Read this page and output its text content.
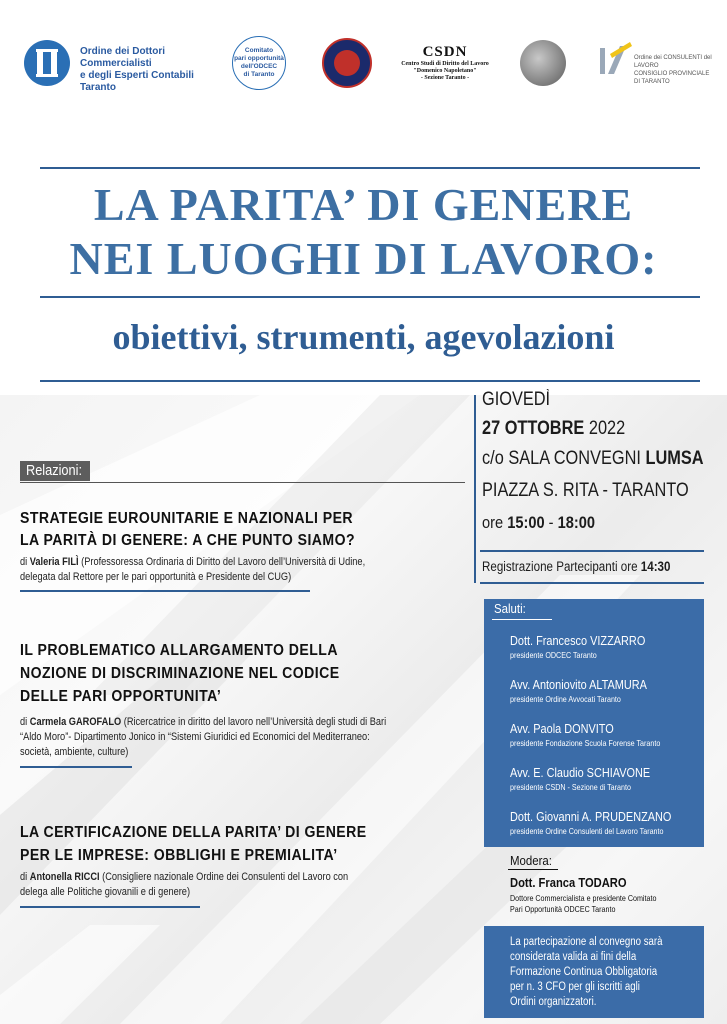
Ordine dei Dottori Commercialisti
e degli Esperti Contabili
Taranto
Comitato
pari opportunità
dell'ODCEC
di Taranto
CSDN
Centro Studi di Diritto del Lavoro
"Domenico Napoletano"
- Sezione Taranto -
Ordine dei CONSULENTI del LAVORO
CONSIGLIO PROVINCIALE DI TARANTO
LA PARITA’ DI GENERE
NEI LUOGHI DI LAVORO:
obiettivi, strumenti, agevolazioni
GIOVEDÌ
27 OTTOBRE 2022
c/o SALA CONVEGNI LUMSA
PIAZZA S. RITA - TARANTO
ore 15:00 - 18:00
Registrazione Partecipanti ore 14:30
Relazioni:
STRATEGIE EUROUNITARIE E NAZIONALI PER
LA PARITÀ DI GENERE: A CHE PUNTO SIAMO?
di Valeria FILÌ (Professoressa Ordinaria di Diritto del Lavoro dell’Università di Udine,
delegata dal Rettore per le pari opportunità e Presidente del CUG)
IL PROBLEMATICO ALLARGAMENTO DELLA
NOZIONE DI DISCRIMINAZIONE NEL CODICE
DELLE PARI OPPORTUNITA’
di Carmela GAROFALO (Ricercatrice in diritto del lavoro nell’Università degli studi di Bari
“Aldo Moro”- Dipartimento Jonico in “Sistemi Giuridici ed Economici del Mediterraneo:
società, ambiente, culture)
LA CERTIFICAZIONE DELLA PARITA’ DI GENERE
PER LE IMPRESE: OBBLIGHI E PREMIALITA’
di Antonella RICCI (Consigliere nazionale Ordine dei Consulenti del Lavoro con
delega alle Politiche giovanili e di genere)
Saluti:
Dott. Francesco VIZZARRO
presidente ODCEC Taranto
Avv. Antoniovito ALTAMURA
presidente Ordine Avvocati Taranto
Avv. Paola DONVITO
presidente Fondazione Scuola Forense Taranto
Avv. E. Claudio SCHIAVONE
presidente CSDN - Sezione di Taranto
Dott. Giovanni A. PRUDENZANO
presidente Ordine Consulenti del Lavoro Taranto
Modera:
Dott. Franca TODARO
Dottore Commercialista e presidente Comitato
Pari Opportunità ODCEC Taranto
La partecipazione al convegno sarà
considerata valida ai fini della
Formazione Continua Obbligatoria
per n. 3 CFO per gli iscritti agli
Ordini organizzatori.
